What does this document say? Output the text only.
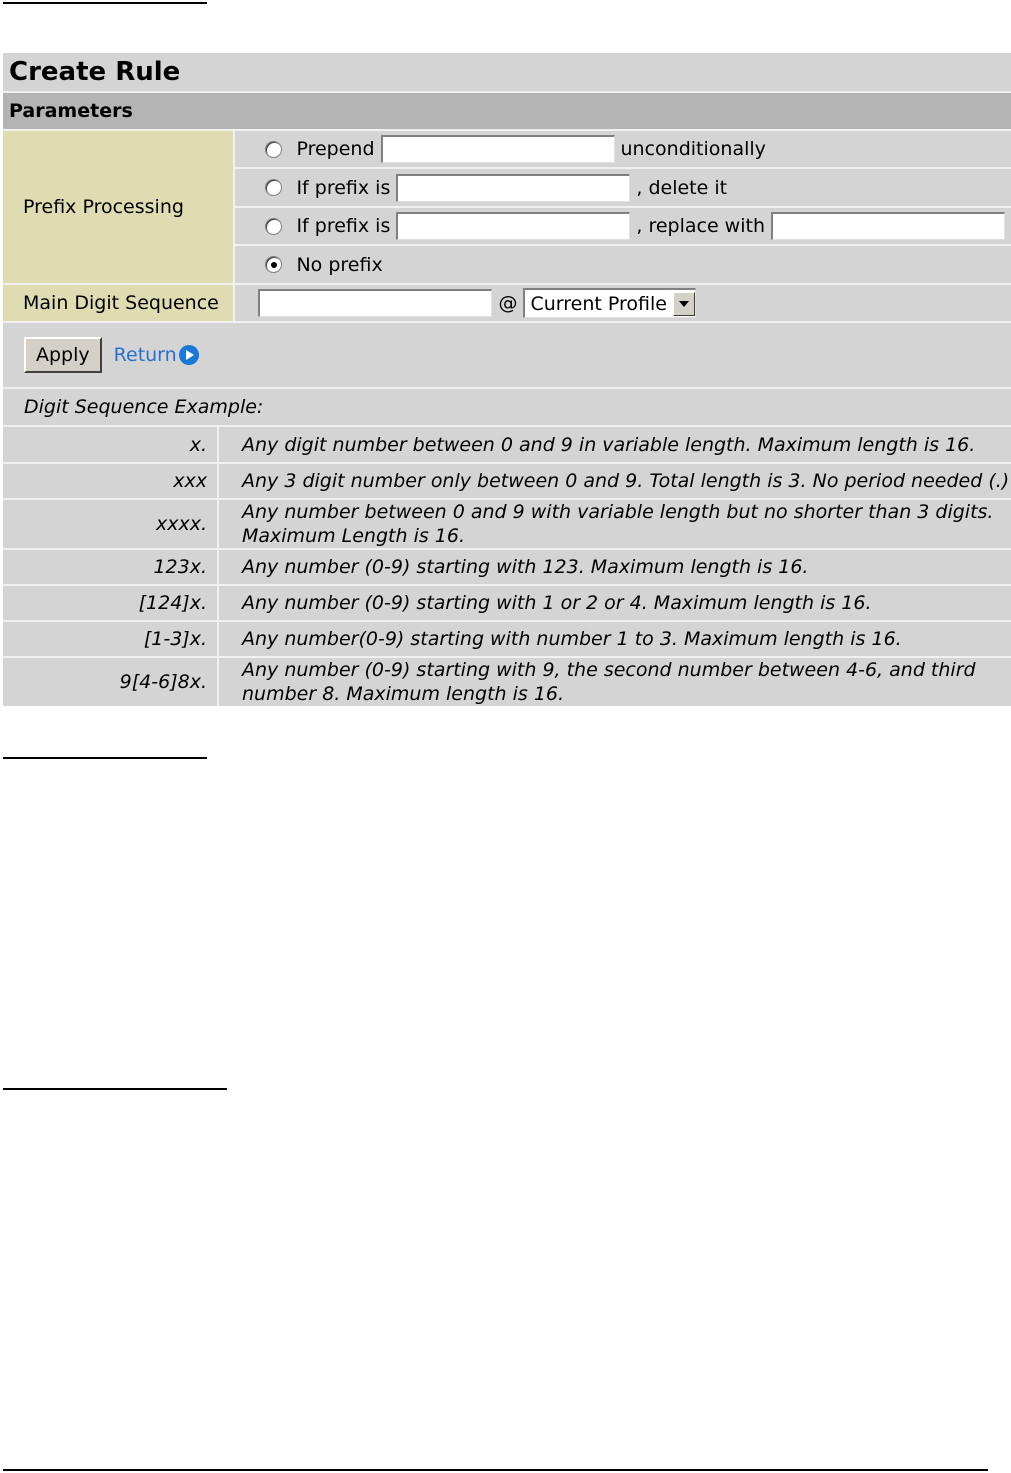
Create Rule
Parameters
Prefix Processing	Prepend unconditionally

	If prefix is , delete it

	If prefix is , replace with

	No prefix

Main Digit Sequence	@ Current Profile
Apply	Return
Digit Sequence Example:
x.	Any digit number between 0 and 9 in variable length. Maximum length is 16.
xxx	Any 3 digit number only between 0 and 9. Total length is 3. No period needed (.)
xxxx.	Any number between 0 and 9 with variable length but no shorter than 3 digits. Maximum Length is 16.
123x.	Any number (0-9) starting with 123. Maximum length is 16.
[124]x.	Any number (0-9) starting with 1 or 2 or 4. Maximum length is 16.
[1-3]x.	Any number(0-9) starting with number 1 to 3. Maximum length is 16.
9[4-6]8x.	Any number (0-9) starting with 9, the second number between 4-6, and third number 8. Maximum length is 16.
